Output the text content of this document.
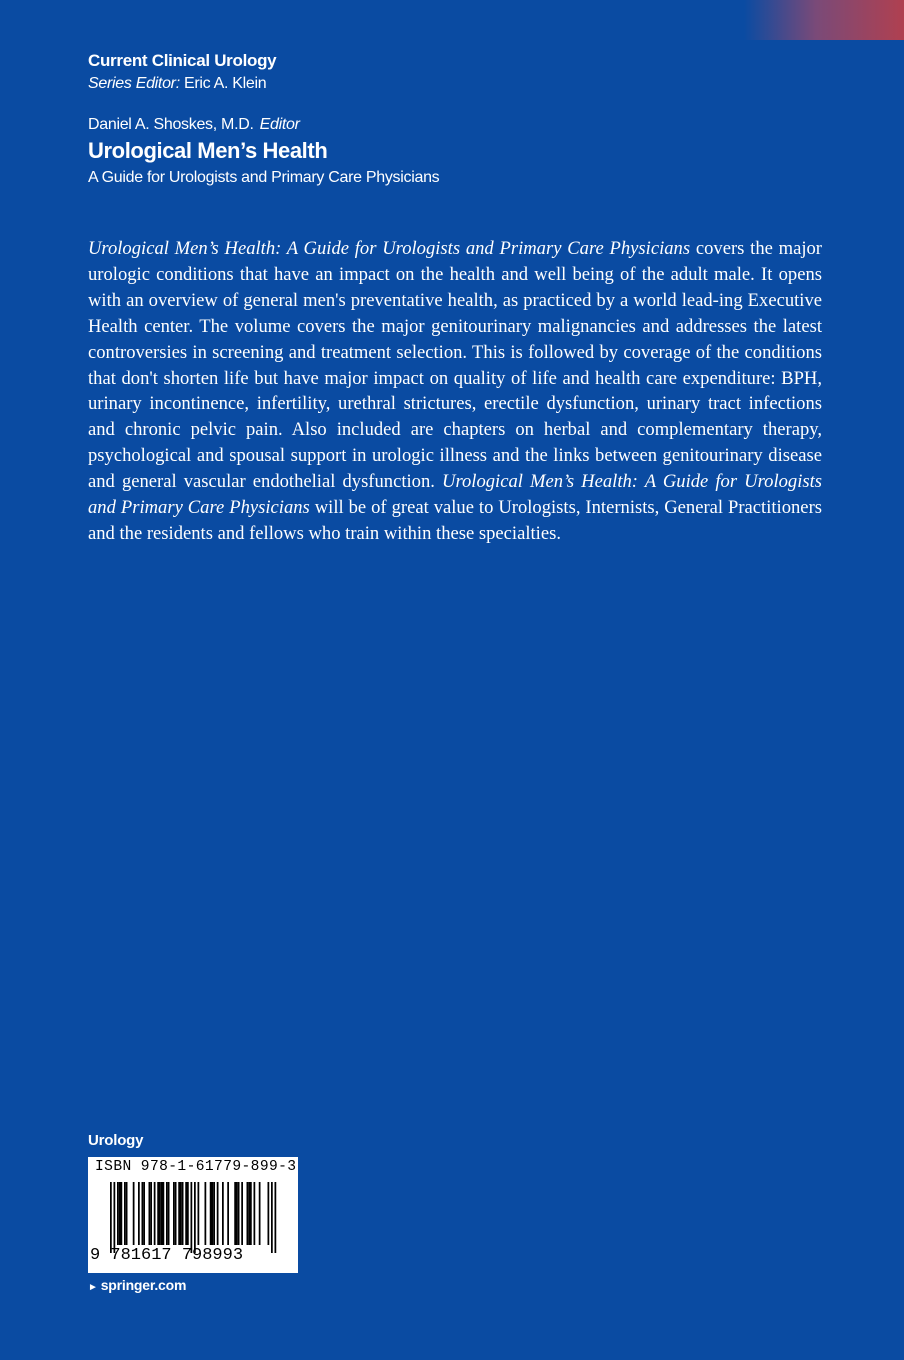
Current Clinical Urology
Series Editor: Eric A. Klein
Daniel A. Shoskes, M.D. Editor
Urological Men’s Health
A Guide for Urologists and Primary Care Physicians
Urological Men’s Health: A Guide for Urologists and Primary Care Physicians covers the major urologic conditions that have an impact on the health and well being of the adult male. It opens with an overview of general men's preventative health, as practiced by a world lead-ing Executive Health center. The volume covers the major genitourinary malignancies and addresses the latest controversies in screening and treatment selection. This is followed by coverage of the conditions that don't shorten life but have major impact on quality of life and health care expenditure: BPH, urinary incontinence, infertility, urethral strictures, erectile dysfunction, urinary tract infections and chronic pelvic pain. Also included are chapters on herbal and complementary therapy, psychological and spousal support in urologic illness and the links between genitourinary disease and general vascular endothelial dysfunction. Urological Men’s Health: A Guide for Urologists and Primary Care Physicians will be of great value to Urologists, Internists, General Practitioners and the residents and fellows who train within these specialties.
Urology
ISBN 978-1-61779-899-3
9 781617 798993
► springer.com
